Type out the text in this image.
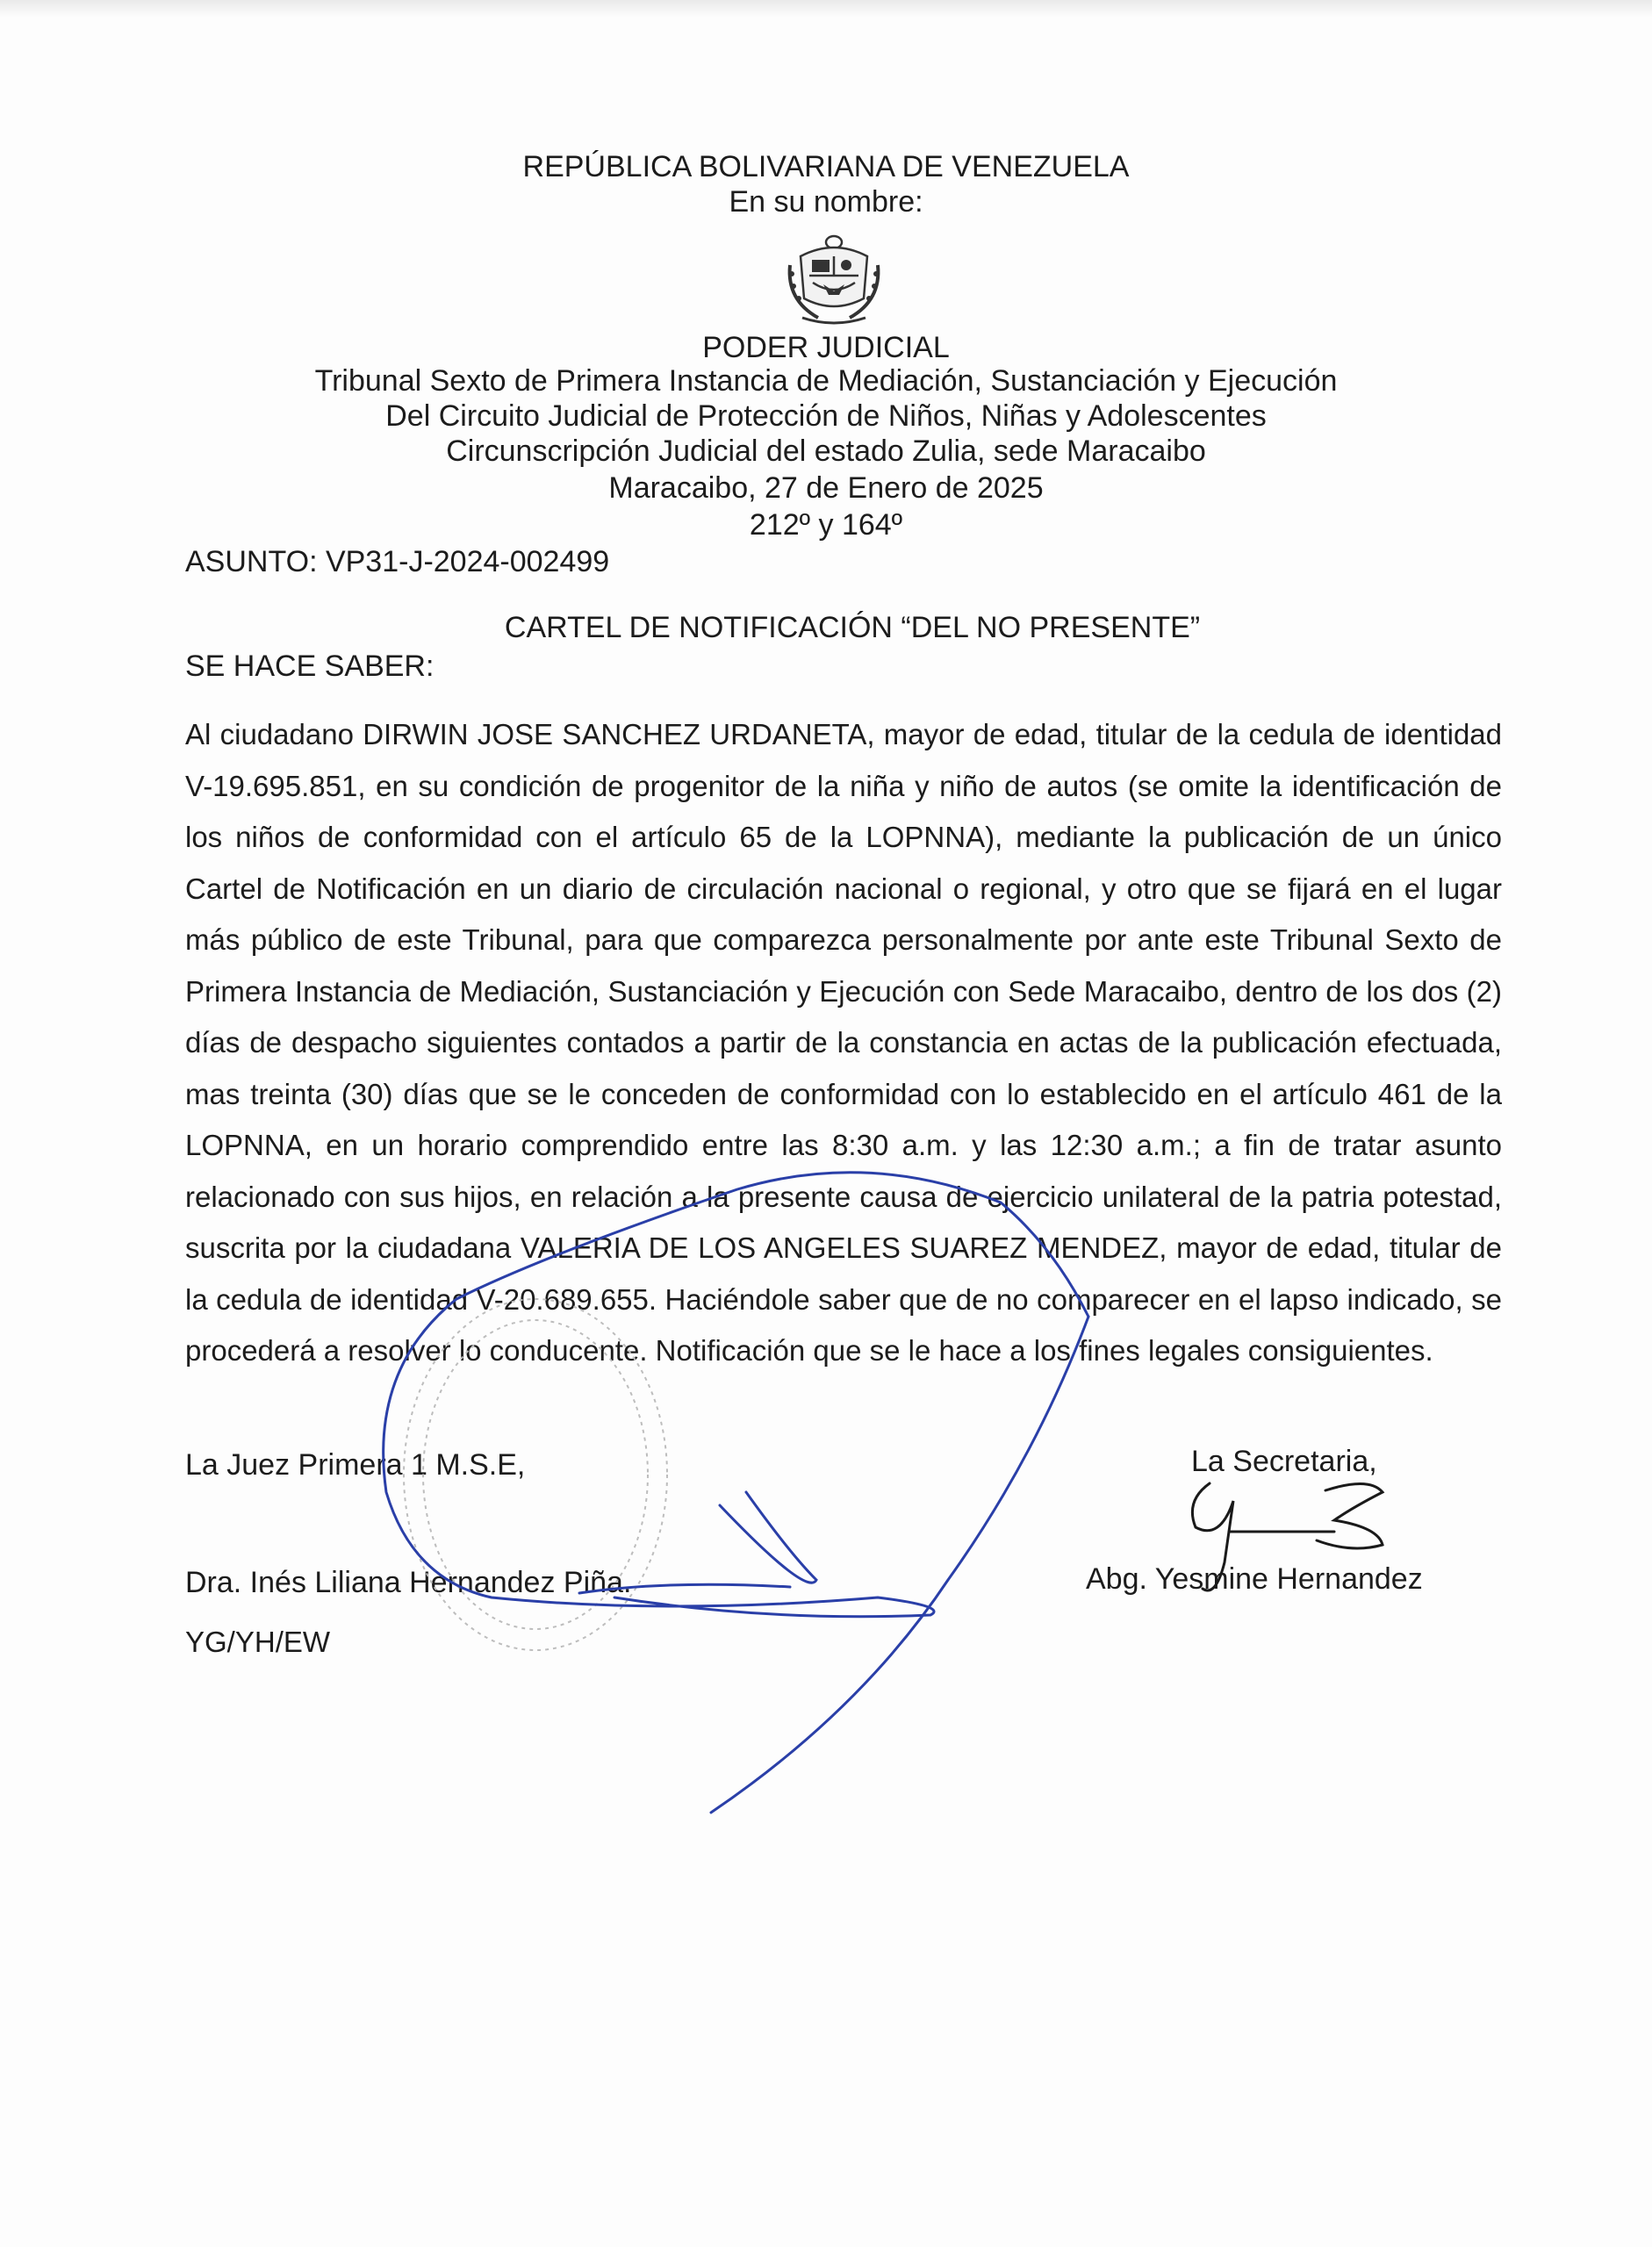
REPÚBLICA BOLIVARIANA DE VENEZUELA
En su nombre:
PODER JUDICIAL
Tribunal Sexto de Primera Instancia de Mediación, Sustanciación y Ejecución
Del Circuito Judicial de Protección de Niños, Niñas y Adolescentes
Circunscripción Judicial del estado Zulia, sede Maracaibo
Maracaibo, 27 de Enero de 2025
212º y 164º
ASUNTO: VP31-J-2024-002499
CARTEL DE NOTIFICACIÓN “DEL NO PRESENTE”
SE HACE SABER:
Al ciudadano DIRWIN JOSE SANCHEZ URDANETA, mayor de edad, titular de la cedula de identidad V-19.695.851, en su condición de progenitor de la niña y niño de autos (se omite la identificación de los niños de conformidad con el artículo 65 de la LOPNNA), mediante la publicación de un único Cartel de Notificación en un diario de circulación nacional o regional, y otro que se fijará en el lugar más público de este Tribunal, para que comparezca personalmente por ante este Tribunal Sexto de Primera Instancia de Mediación, Sustanciación y Ejecución con Sede Maracaibo, dentro de los dos (2) días de despacho siguientes contados a partir de la constancia en actas de la publicación efectuada, mas treinta (30) días que se le conceden de conformidad con lo establecido en el artículo 461 de la LOPNNA, en un horario comprendido entre las 8:30 a.m. y las 12:30 a.m.; a fin de tratar asunto relacionado con sus hijos, en relación a la presente causa de ejercicio unilateral de la patria potestad, suscrita por la ciudadana VALERIA DE LOS ANGELES SUAREZ MENDEZ, mayor de edad, titular de la cedula de identidad V-20.689.655. Haciéndole saber que de no comparecer en el lapso indicado, se procederá a resolver lo conducente. Notificación que se le hace a los fines legales consiguientes.
La Juez Primera 1 M.S.E,	La Secretaria,
Dra. Inés Liliana Hernandez Piña.	Abg. Yesmine Hernandez
YG/YH/EW
